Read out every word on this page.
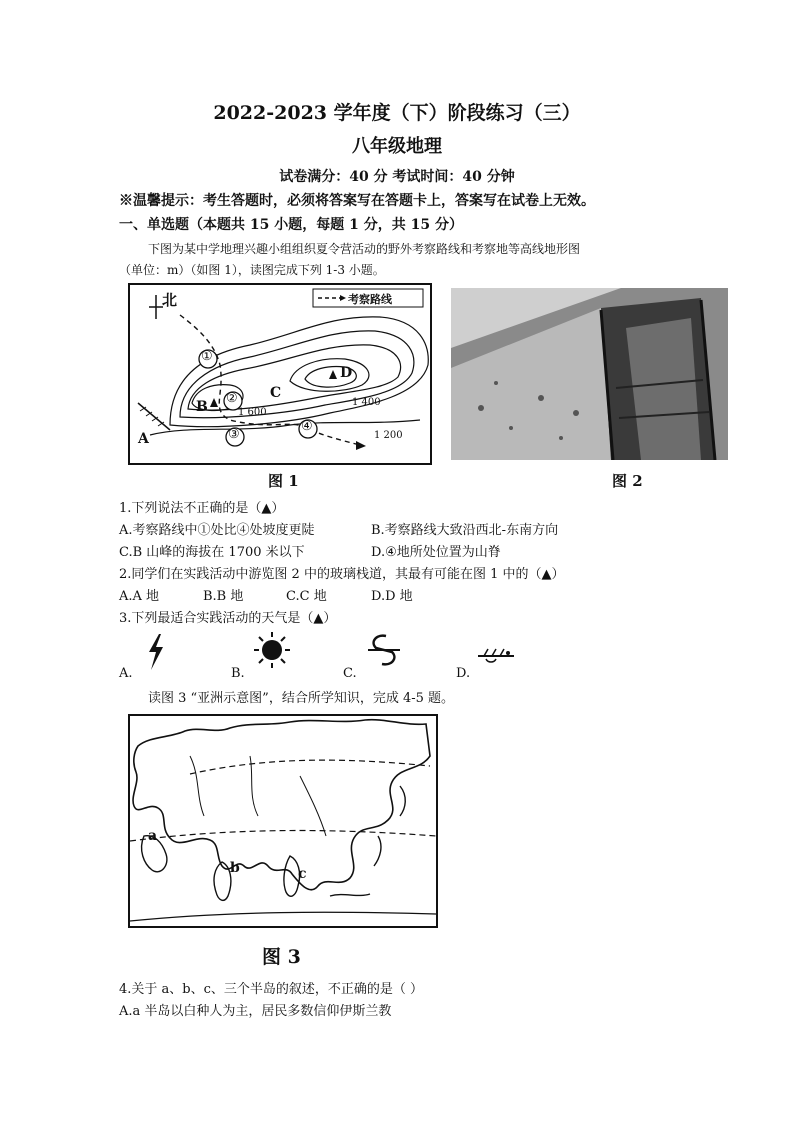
2022-2023 学年度（下）阶段练习（三）
八年级地理
试卷满分：40 分 考试时间：40 分钟
※温馨提示：考生答题时，必须将答案写在答题卡上，答案写在试卷上无效。
一、单选题（本题共 15 小题，每题 1 分，共 15 分）
下图为某中学地理兴趣小组组织夏令营活动的野外考察路线和考察地等高线地形图
（单位：m）（如图 1），读图完成下列 1-3 小题。
北	考察路线
①
②
③
④
A
B
C
D
1 600
1 400
1 200
图 1	图 2
1.下列说法不正确的是（▲）
A.考察路线中①处比④处坡度更陡	B.考察路线大致沿西北-东南方向
C.B 山峰的海拔在 1700 米以下	D.④地所处位置为山脊
2.同学们在实践活动中游览图 2 中的玻璃栈道，其最有可能在图 1 中的（▲）
A.A 地	B.B 地	C.C 地	D.D 地
3.下列最适合实践活动的天气是（▲）
A.	B.	C.	D.
读图 3 “亚洲示意图”，结合所学知识，完成 4-5 题。
a
b	c
图 3
4.关于 a、b、c、三个半岛的叙述，不正确的是（ ）
A.a 半岛以白种人为主，居民多数信仰伊斯兰教
